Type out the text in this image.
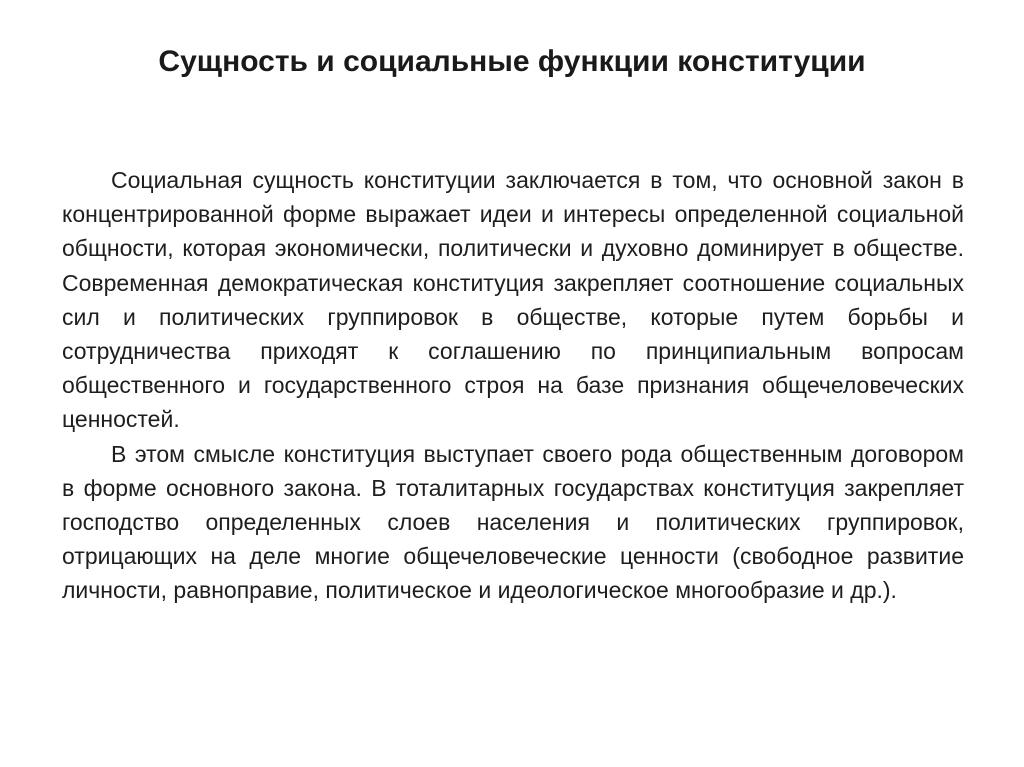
Сущность и социальные функции конституции

Социальная сущность конституции заключается в том, что основной закон в концентрированной форме выражает идеи и интересы определенной социальной общности, которая экономически, политически и духовно доминирует в обществе. Современная демократическая конституция закрепляет соотношение социальных сил и политических группировок в обществе, которые путем борьбы и сотрудничества приходят к соглашению по принципиальным вопросам общественного и государственного строя на базе признания общечеловеческих ценностей.

В этом смысле конституция выступает своего рода общественным договором в форме основного закона. В тоталитарных государствах конституция закрепляет господство определенных слоев населения и политических группировок, отрицающих на деле многие общечеловеческие ценности (свободное развитие личности, равноправие, политическое и идеологическое многообразие и др.).
